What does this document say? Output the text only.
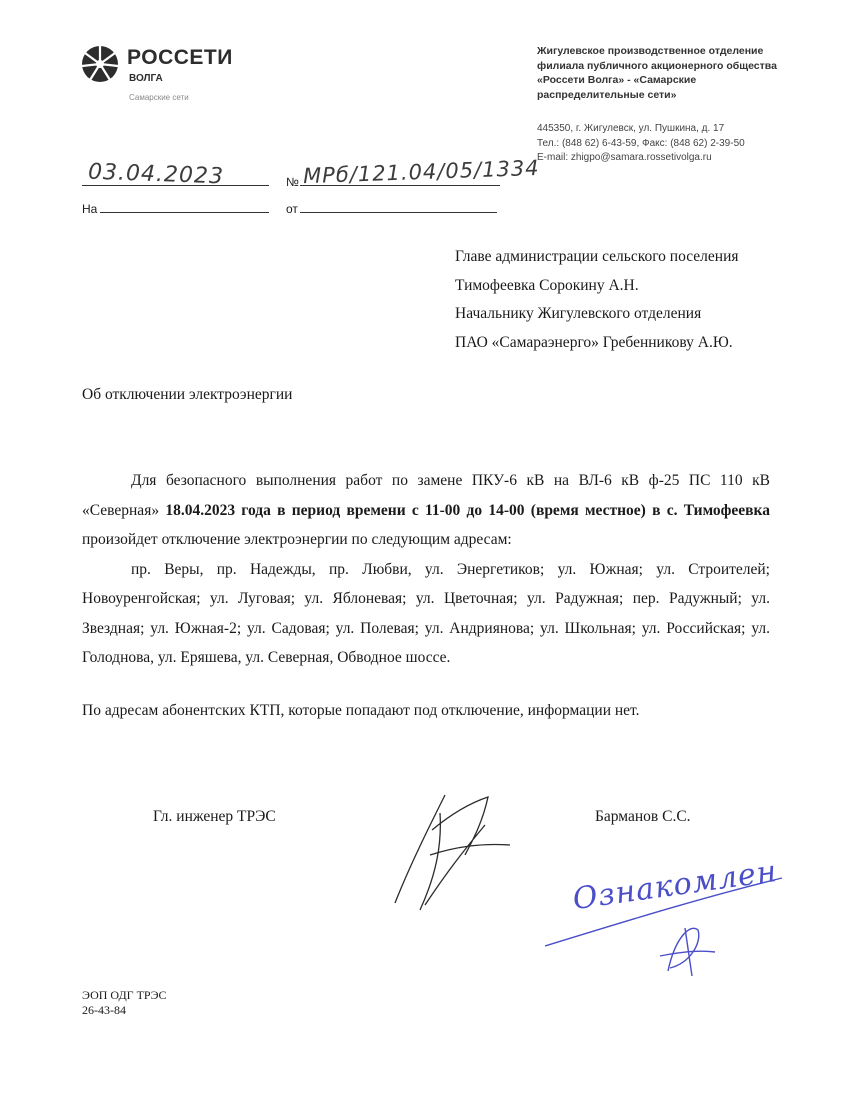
РОССЕТИ
ВОЛГА
Самарские сети
Жигулевское производственное отделение
филиала публичного акционерного общества
«Россети Волга» - «Самарские
распределительные сети»
445350, г. Жигулевск, ул. Пушкина, д. 17
Тел.: (848 62) 6-43-59, Факс: (848 62) 2-39-50
E-mail: zhigpo@samara.rossetivolga.ru
03.04.2023	№ МРб/121.04/05/1334
На	от
Главе администрации сельского поселения
Тимофеевка Сорокину А.Н.
Начальнику Жигулевского отделения
ПАО «Самараэнерго» Гребенникову А.Ю.
Об отключении электроэнергии

Для безопасного выполнения работ по замене ПКУ-6 кВ на ВЛ-6 кВ ф-25 ПС 110 кВ «Северная» 18.04.2023 года в период времени с 11-00 до 14-00 (время местное) в с. Тимофеевка произойдет отключение электроэнергии по следующим адресам:

пр. Веры, пр. Надежды, пр. Любви, ул. Энергетиков; ул. Южная; ул. Строителей; Новоуренгойская; ул. Луговая; ул. Яблоневая; ул. Цветочная; ул. Радужная; пер. Радужный; ул. Звездная; ул. Южная-2; ул. Садовая; ул. Полевая; ул. Андриянова; ул. Школьная; ул. Российская; ул. Голоднова, ул. Еряшева, ул. Северная, Обводное шоссе.

По адресам абонентских КТП, которые попадают под отключение, информации нет.
Гл. инженер ТРЭС	Барманов С.С.
Ознакомлен
ЭОП ОДГ ТРЭС
26-43-84
